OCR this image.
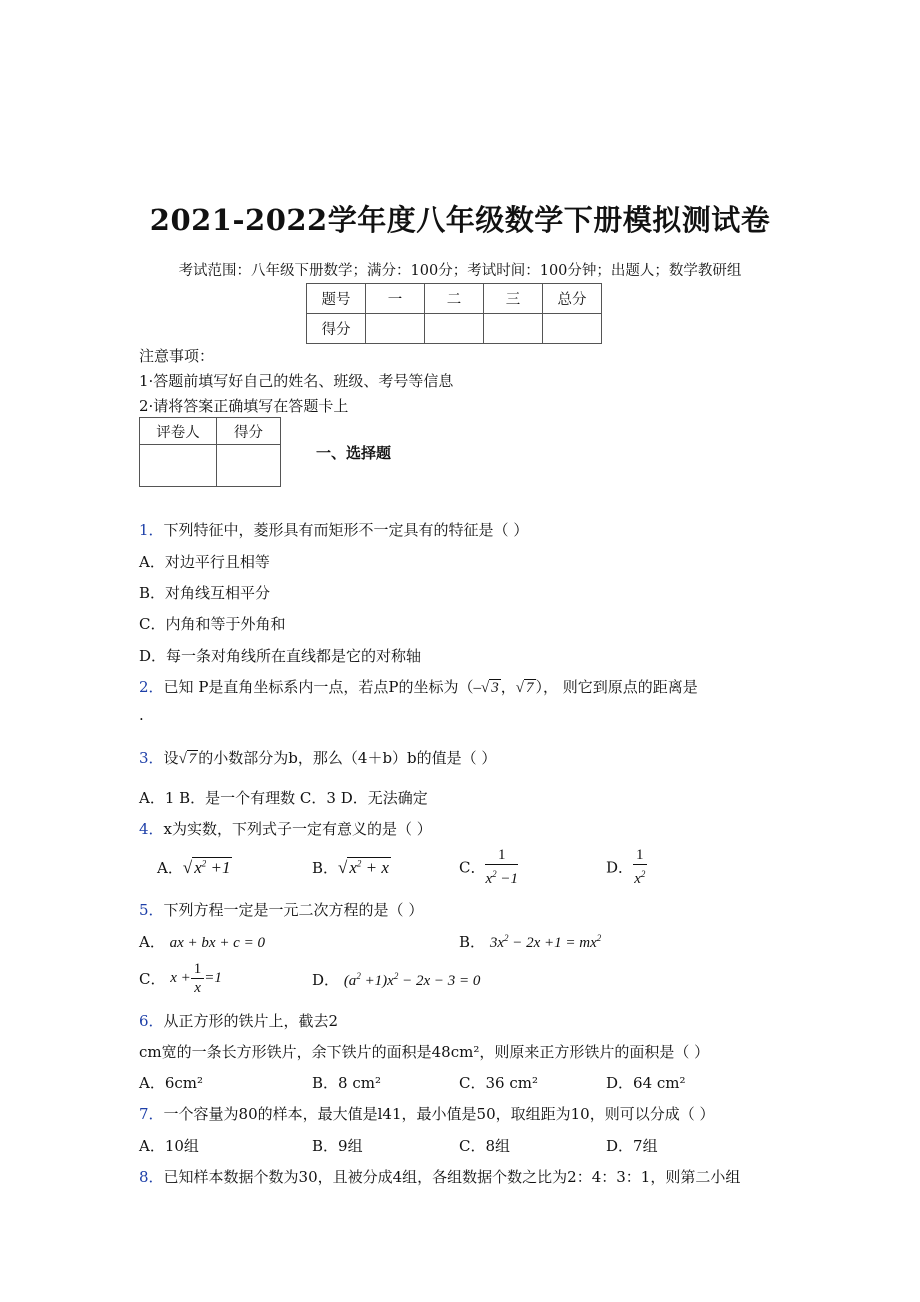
2021-2022学年度八年级数学下册模拟测试卷
考试范围：八年级下册数学；满分：100分；考试时间：100分钟；出题人；数学教研组
题号	一	二	三	总分
得分				
注意事项：
1·答题前填写好自己的姓名、班级、考号等信息
2·请将答案正确填写在答题卡上
评卷人	得分

一、选择题
1．下列特征中，菱形具有而矩形不一定具有的特征是（ ）
A．对边平行且相等
B．对角线互相平分
C．内角和等于外角和
D．每一条对角线所在直线都是它的对称轴
2．已知 P是直角坐标系内一点，若点P的坐标为（–√ 3 ，√ 7 ）， 则它到原点的距离是
.
3．设√ 7 的小数部分为b，那么（4＋b）b的值是（ ）
A．1 B．是一个有理数 C．3 D．无法确定
4．x为实数，下列式子一定有意义的是（ ）
A．√ $x^2 +1$	B．√ $x^2 + x$	C． $\frac{1}{x^2 -1}$	D． $\frac{1}{x^2}$
5．下列方程一定是一元二次方程的是（ ）
A． ax + bx + c = 0	B． $3x^2 - 2x +1 = mx^2$
C． $x + \frac{1}{x} =1$	D． $(a^2 +1)x^2 - 2x - 3 = 0$
6．从正方形的铁片上，截去2
cm宽的一条长方形铁片，余下铁片的面积是48cm²，则原来正方形铁片的面积是（ ）
A．6cm²	B．8 cm²	C．36 cm²	D．64 cm²
7．一个容量为80的样本，最大值是l41，最小值是50，取组距为10，则可以分成（ ）
A．10组	B．9组	C．8组	D．7组
8．已知样本数据个数为30，且被分成4组，各组数据个数之比为2：4：3：1，则第二小组
